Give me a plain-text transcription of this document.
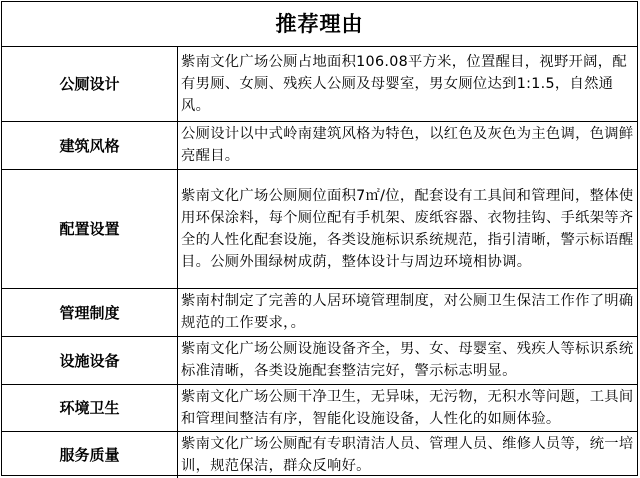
推荐理由
公厕设计	紫南文化广场公厕占地面积106.08平方米，位置醒目，视野开阔，配有男厕、女厕、残疾人公厕及母婴室，男女厕位达到1:1.5，自然通风。
建筑风格	公厕设计以中式岭南建筑风格为特色，以红色及灰色为主色调，色调鲜亮醒目。
配置设置	紫南文化广场公厕厕位面积7㎡/位，配套设有工具间和管理间，整体使用环保涂料，每个厕位配有手机架、废纸容器、衣物挂钩、手纸架等齐全的人性化配套设施，各类设施标识系统规范，指引清晰，警示标语醒目。公厕外围绿树成荫，整体设计与周边环境相协调。
管理制度	紫南村制定了完善的人居环境管理制度，对公厕卫生保洁工作作了明确规范的工作要求，。
设施设备	紫南文化广场公厕设施设备齐全，男、女、母婴室、残疾人等标识系统标准清晰，各类设施配套整洁完好，警示标志明显。
环境卫生	紫南文化广场公厕干净卫生，无异味，无污物，无积水等问题，工具间和管理间整洁有序，智能化设施设备，人性化的如厕体验。
服务质量	紫南文化广场公厕配有专职清洁人员、管理人员、维修人员等，统一培训，规范保洁，群众反响好。
